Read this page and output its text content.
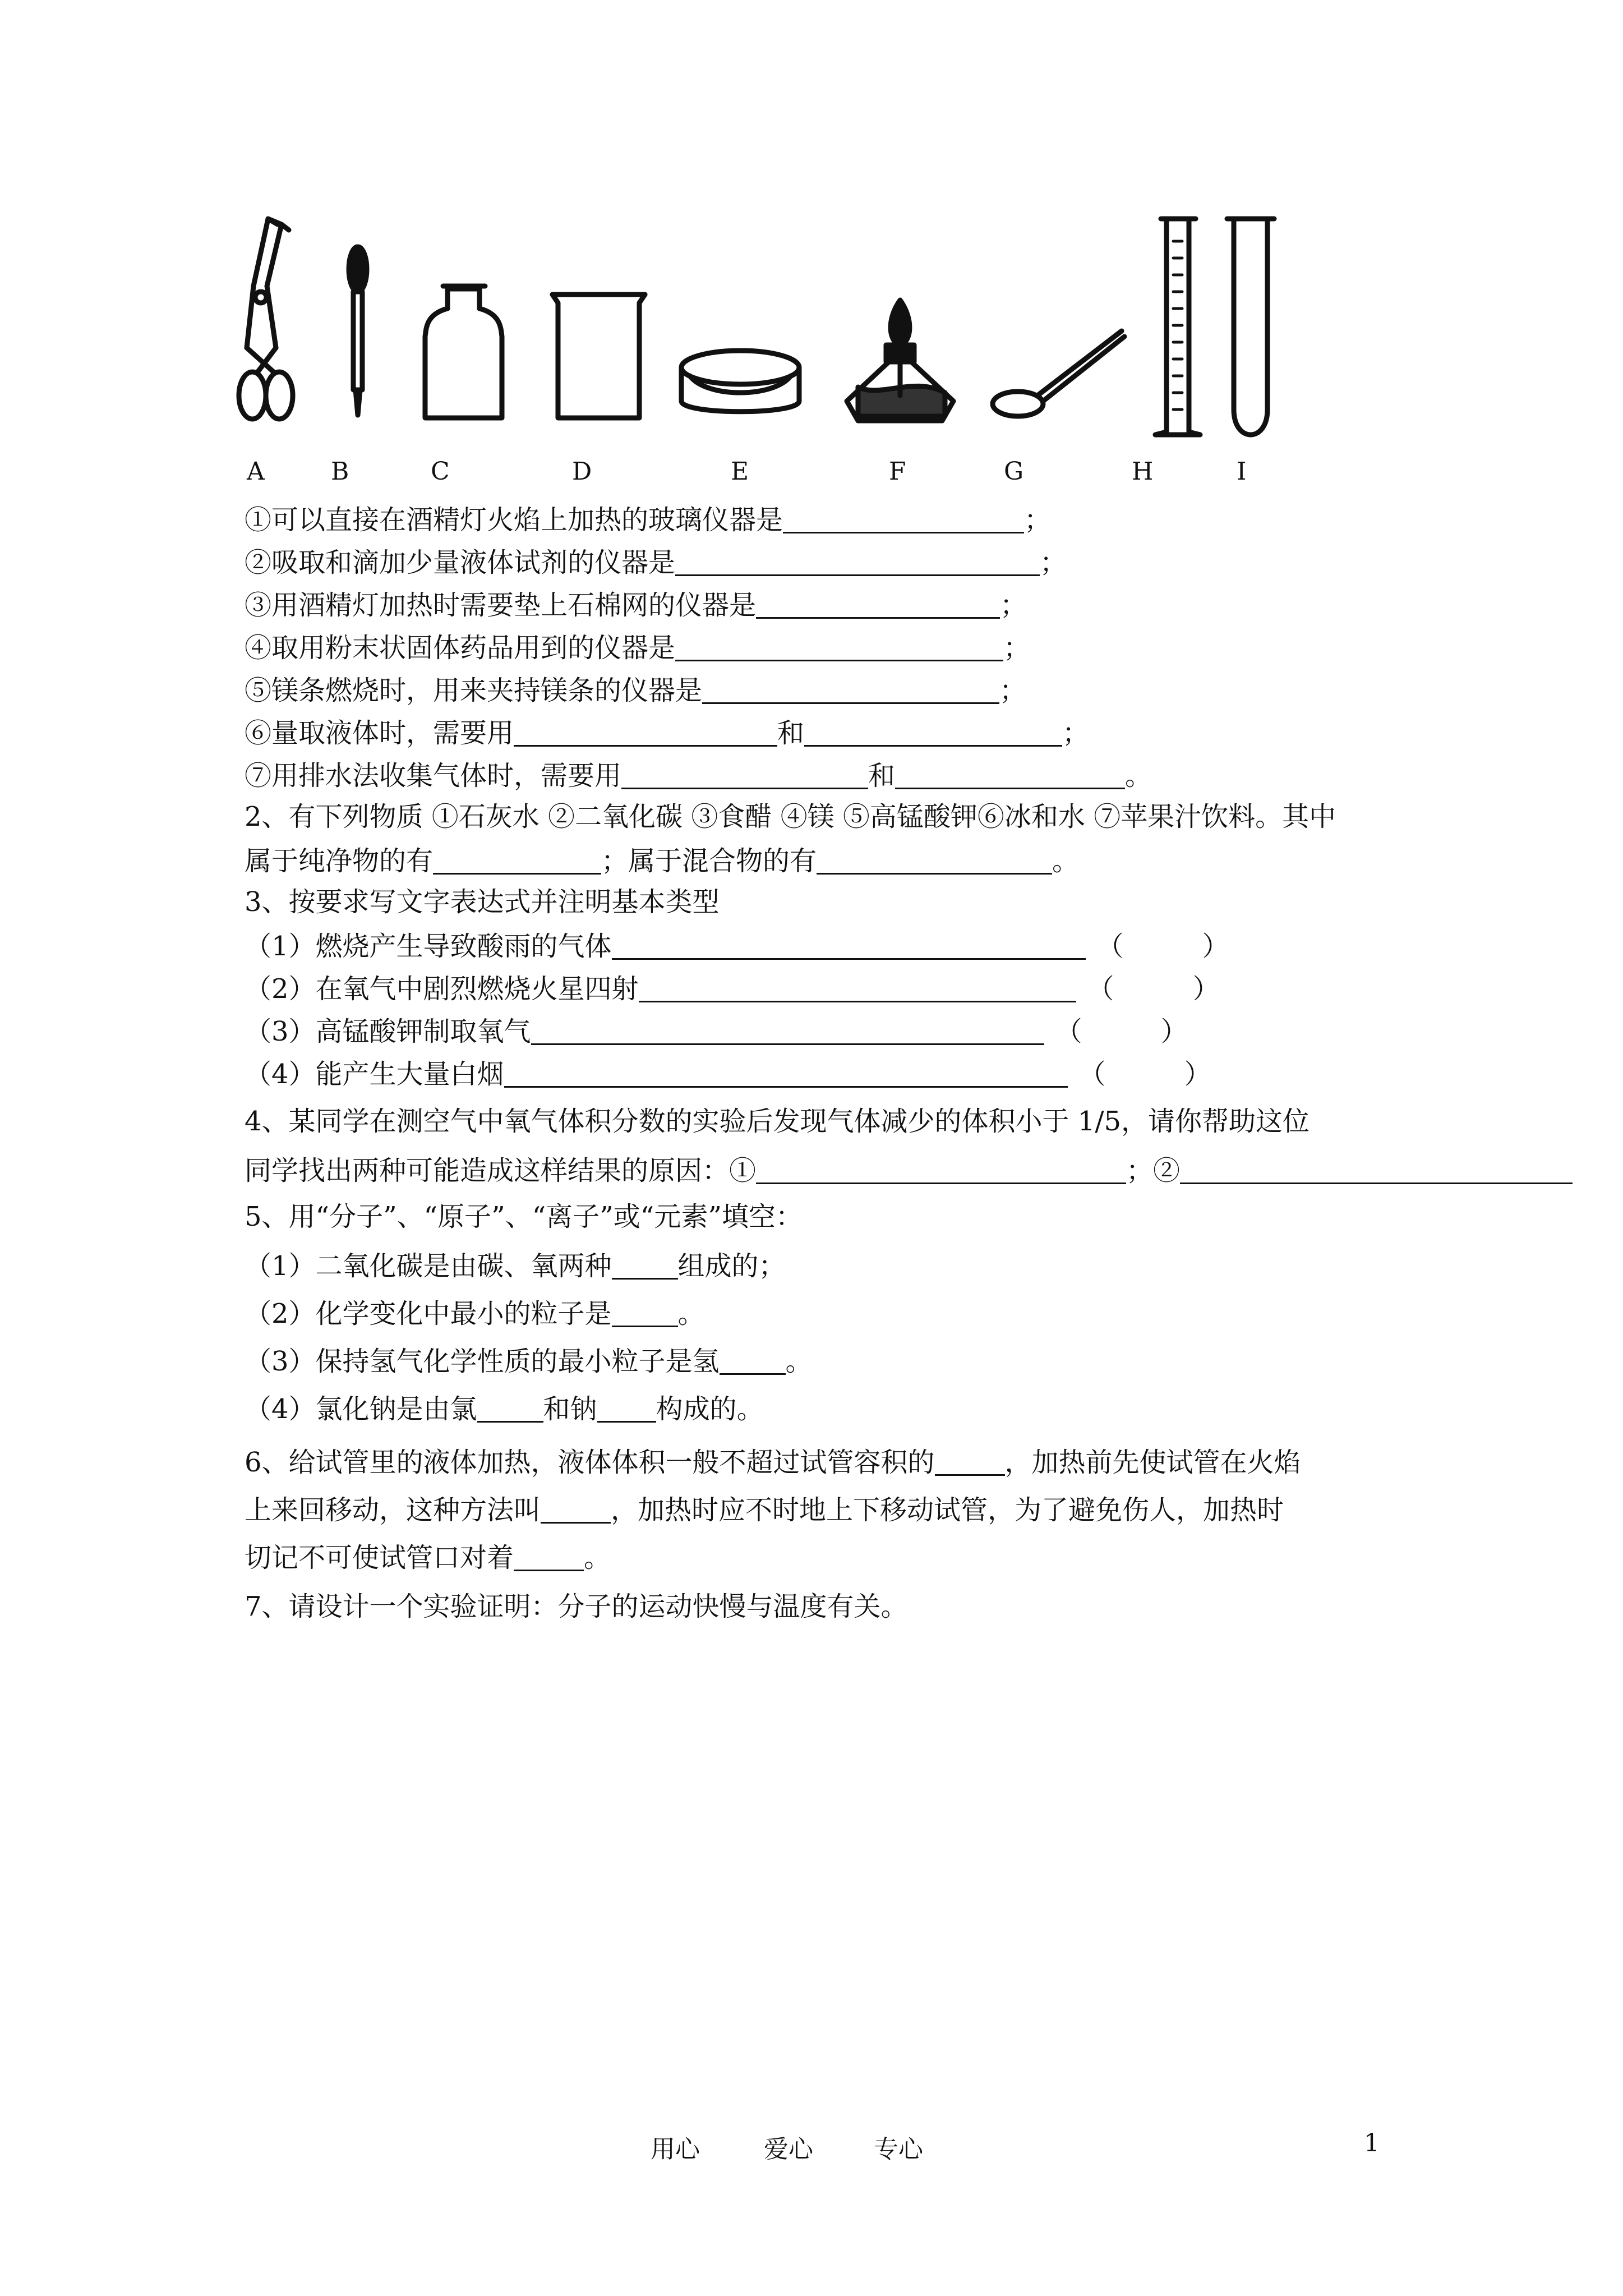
A	B	C	D	E	F	G	H	I
①可以直接在酒精灯火焰上加热的玻璃仪器是	；
②吸取和滴加少量液体试剂的仪器是	；
③用酒精灯加热时需要垫上石棉网的仪器是	；
④取用粉末状固体药品用到的仪器是	；
⑤镁条燃烧时，用来夹持镁条的仪器是	；
⑥量取液体时，需要用	和	；
⑦用排水法收集气体时，需要用	和	。
2、有下列物质 ①石灰水 ②二氧化碳 ③食醋 ④镁 ⑤高锰酸钾⑥冰和水 ⑦苹果汁饮料。其中
属于纯净物的有	；属于混合物的有	。
3、按要求写文字表达式并注明基本类型
（1）燃烧产生导致酸雨的气体	（	）
（2）在氧气中剧烈燃烧火星四射	（	）
（3）高锰酸钾制取氧气	（	）
（4）能产生大量白烟	（	）
4、某同学在测空气中氧气体积分数的实验后发现气体减少的体积小于 1/5，请你帮助这位
同学找出两种可能造成这样结果的原因：①	；②
5、用“分子”、“原子”、“离子”或“元素”填空：
（1）二氧化碳是由碳、氧两种 组成的；
（2）化学变化中最小的粒子是 。
（3）保持氢气化学性质的最小粒子是氢 。
（4）氯化钠是由氯 和钠 构成的。
6、给试管里的液体加热，液体体积一般不超过试管容积的	，加热前先使试管在火焰
上来回移动，这种方法叫	，加热时应不时地上下移动试管，为了避免伤人，加热时
切记不可使试管口对着	。
7、请设计一个实验证明：分子的运动快慢与温度有关。
用心	爱心 专心	1
